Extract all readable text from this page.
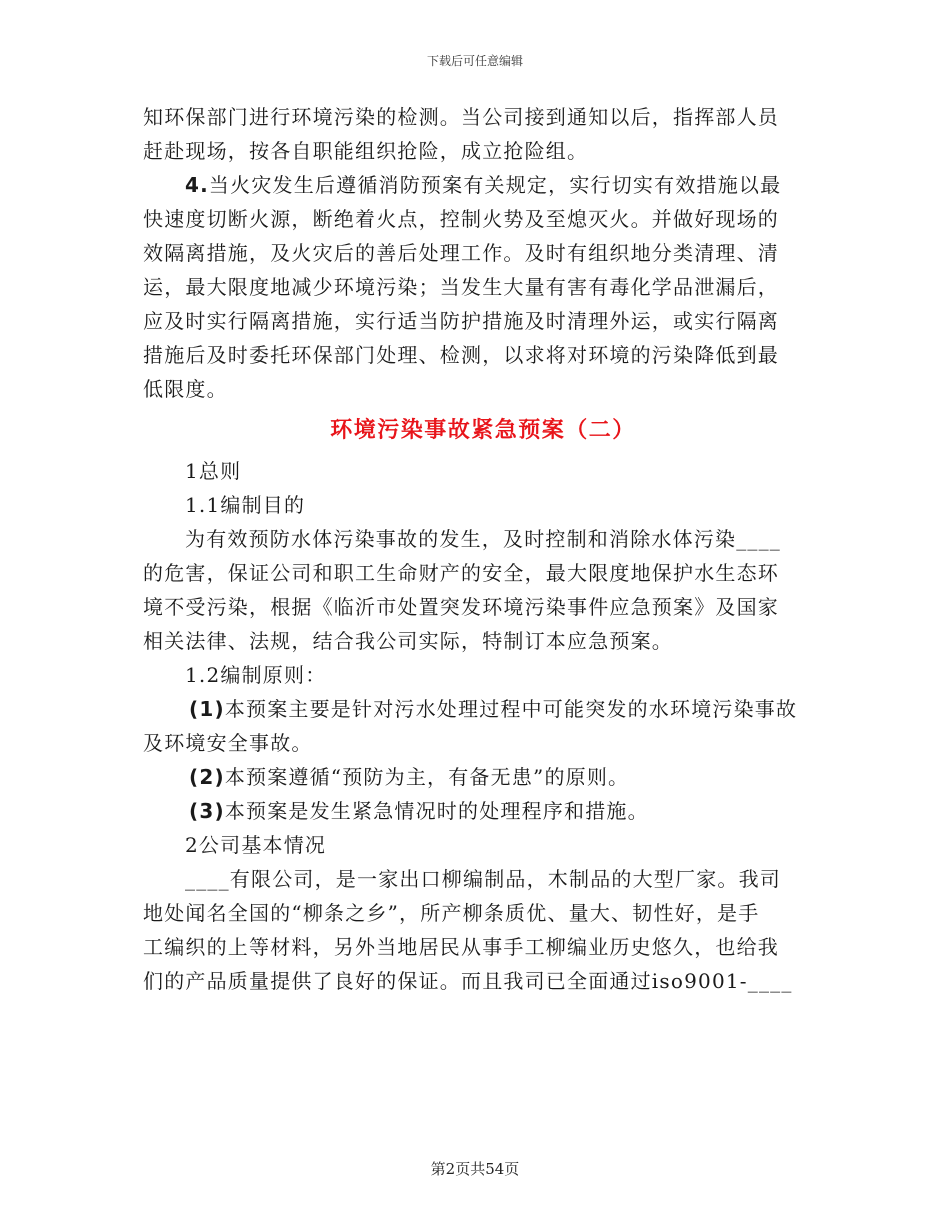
下载后可任意编辑
知环保部门进行环境污染的检测。当公司接到通知以后，指挥部人员
赶赴现场，按各自职能组织抢险，成立抢险组。
4.当火灾发生后遵循消防预案有关规定，实行切实有效措施以最
快速度切断火源，断绝着火点，控制火势及至熄灭火。并做好现场的
效隔离措施，及火灾后的善后处理工作。及时有组织地分类清理、清
运，最大限度地减少环境污染；当发生大量有害有毒化学品泄漏后，
应及时实行隔离措施，实行适当防护措施及时清理外运，或实行隔离
措施后及时委托环保部门处理、检测，以求将对环境的污染降低到最
低限度。
环境污染事故紧急预案（二）
1总则
1.1编制目的
为有效预防水体污染事故的发生，及时控制和消除水体污染____
的危害，保证公司和职工生命财产的安全，最大限度地保护水生态环
境不受污染，根据《临沂市处置突发环境污染事件应急预案》及国家
相关法律、法规，结合我公司实际，特制订本应急预案。
1.2编制原则：
(1)本预案主要是针对污水处理过程中可能突发的水环境污染事故
及环境安全事故。
(2)本预案遵循“预防为主，有备无患”的原则。
(3)本预案是发生紧急情况时的处理程序和措施。
2公司基本情况
____有限公司，是一家出口柳编制品，木制品的大型厂家。我司
地处闻名全国的“柳条之乡”，所产柳条质优、量大、韧性好，是手
工编织的上等材料，另外当地居民从事手工柳编业历史悠久，也给我
们的产品质量提供了良好的保证。而且我司已全面通过iso9001-____
第2页共54页
